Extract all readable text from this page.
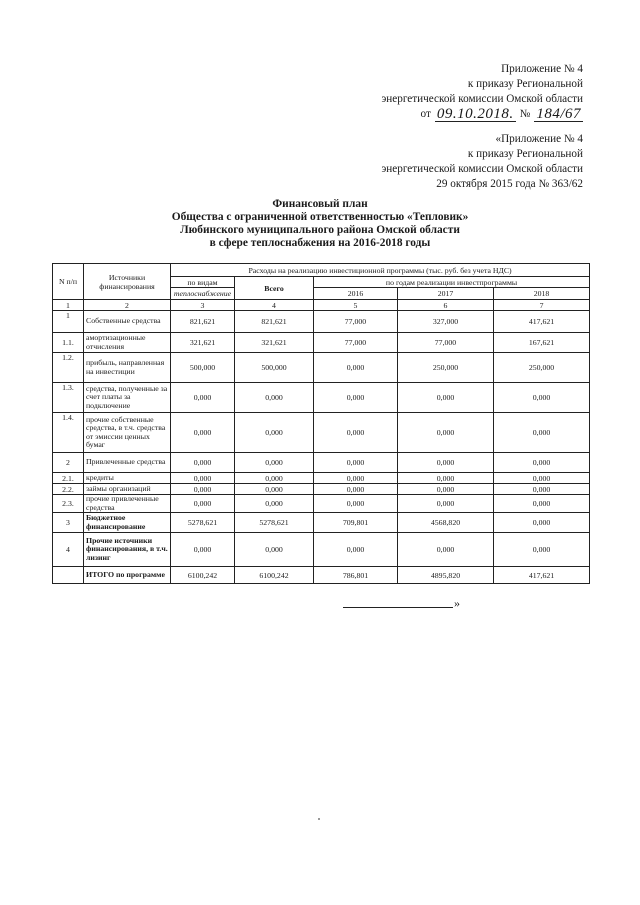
Приложение № 4
к приказу Региональной
энергетической комиссии Омской области
от 09.10.2018. № 184/67
«Приложение № 4
к приказу Региональной
энергетической комиссии Омской области
29 октября 2015 года № 363/62
Финансовый план
Общества с ограниченной ответственностью «Тепловик»
Любинского муниципального района Омской области
в сфере теплоснабжения на 2016-2018 годы
N п/п	Источники финансирования	Расходы на реализацию инвестиционной программы (тыс. руб. без учета НДС)				
		по видам	Всего	по годам реализации инвестпрограммы		
		теплоснабжение		2016	2017	2018
1	2	3	4	5	6	7
1	Собственные средства	821,621	821,621	77,000	327,000	417,621
1.1.	амортизационные отчисления	321,621	321,621	77,000	77,000	167,621
1.2.	прибыль, направленная на инвестиции	500,000	500,000	0,000	250,000	250,000
1.3.	средства, полученные за счет платы за подключение	0,000	0,000	0,000	0,000	0,000
1.4.	прочие собственные средства, в т.ч. средства от эмиссии ценных бумаг	0,000	0,000	0,000	0,000	0,000
2	Привлеченные средства	0,000	0,000	0,000	0,000	0,000
2.1.	кредиты	0,000	0,000	0,000	0,000	0,000
2.2.	займы организаций	0,000	0,000	0,000	0,000	0,000
2.3.	прочие привлеченные средства	0,000	0,000	0,000	0,000	0,000
3	Бюджетное финансирование	5278,621	5278,621	709,801	4568,820	0,000
4	Прочие источники финансирования, в т.ч. лизинг	0,000	0,000	0,000	0,000	0,000
	ИТОГО по программе	6100,242	6100,242	786,801	4895,820	417,621
»
